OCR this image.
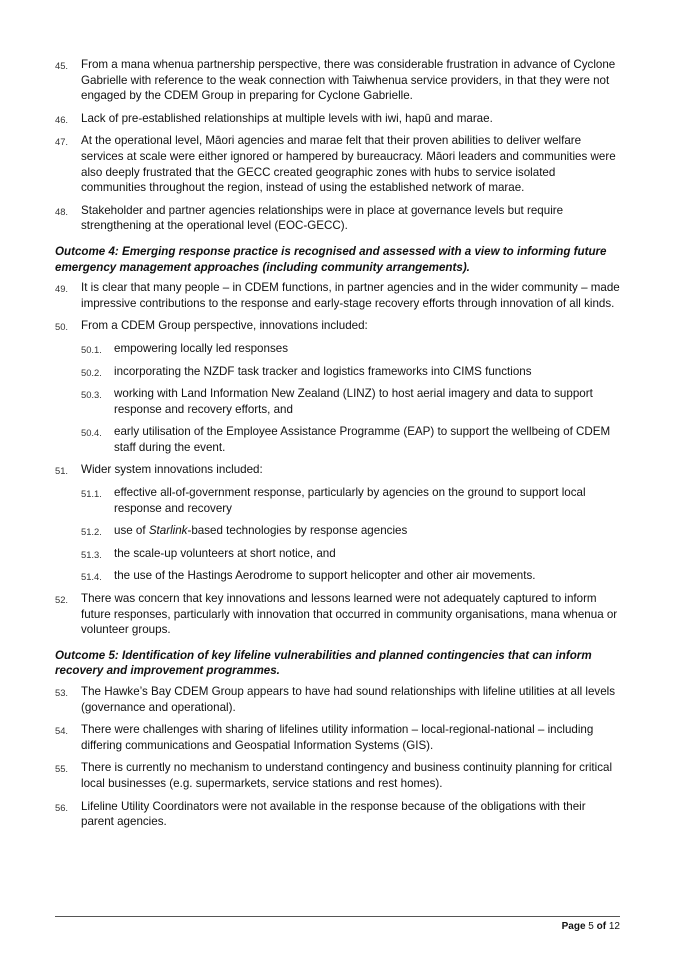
45. From a mana whenua partnership perspective, there was considerable frustration in advance of Cyclone Gabrielle with reference to the weak connection with Taiwhenua service providers, in that they were not engaged by the CDEM Group in preparing for Cyclone Gabrielle.
46. Lack of pre-established relationships at multiple levels with iwi, hapū and marae.
47. At the operational level, Māori agencies and marae felt that their proven abilities to deliver welfare services at scale were either ignored or hampered by bureaucracy. Māori leaders and communities were also deeply frustrated that the GECC created geographic zones with hubs to service isolated communities throughout the region, instead of using the established network of marae.
48. Stakeholder and partner agencies relationships were in place at governance levels but require strengthening at the operational level (EOC-GECC).
Outcome 4: Emerging response practice is recognised and assessed with a view to informing future emergency management approaches (including community arrangements).
49. It is clear that many people – in CDEM functions, in partner agencies and in the wider community – made impressive contributions to the response and early-stage recovery efforts through innovation of all kinds.
50. From a CDEM Group perspective, innovations included:
50.1. empowering locally led responses
50.2. incorporating the NZDF task tracker and logistics frameworks into CIMS functions
50.3. working with Land Information New Zealand (LINZ) to host aerial imagery and data to support response and recovery efforts, and
50.4. early utilisation of the Employee Assistance Programme (EAP) to support the wellbeing of CDEM staff during the event.
51. Wider system innovations included:
51.1. effective all-of-government response, particularly by agencies on the ground to support local response and recovery
51.2. use of Starlink-based technologies by response agencies
51.3. the scale-up volunteers at short notice, and
51.4. the use of the Hastings Aerodrome to support helicopter and other air movements.
52. There was concern that key innovations and lessons learned were not adequately captured to inform future responses, particularly with innovation that occurred in community organisations, mana whenua or volunteer groups.
Outcome 5: Identification of key lifeline vulnerabilities and planned contingencies that can inform recovery and improvement programmes.
53. The Hawke’s Bay CDEM Group appears to have had sound relationships with lifeline utilities at all levels (governance and operational).
54. There were challenges with sharing of lifelines utility information – local-regional-national – including differing communications and Geospatial Information Systems (GIS).
55. There is currently no mechanism to understand contingency and business continuity planning for critical local businesses (e.g. supermarkets, service stations and rest homes).
56. Lifeline Utility Coordinators were not available in the response because of the obligations with their parent agencies.
Page 5 of 12
